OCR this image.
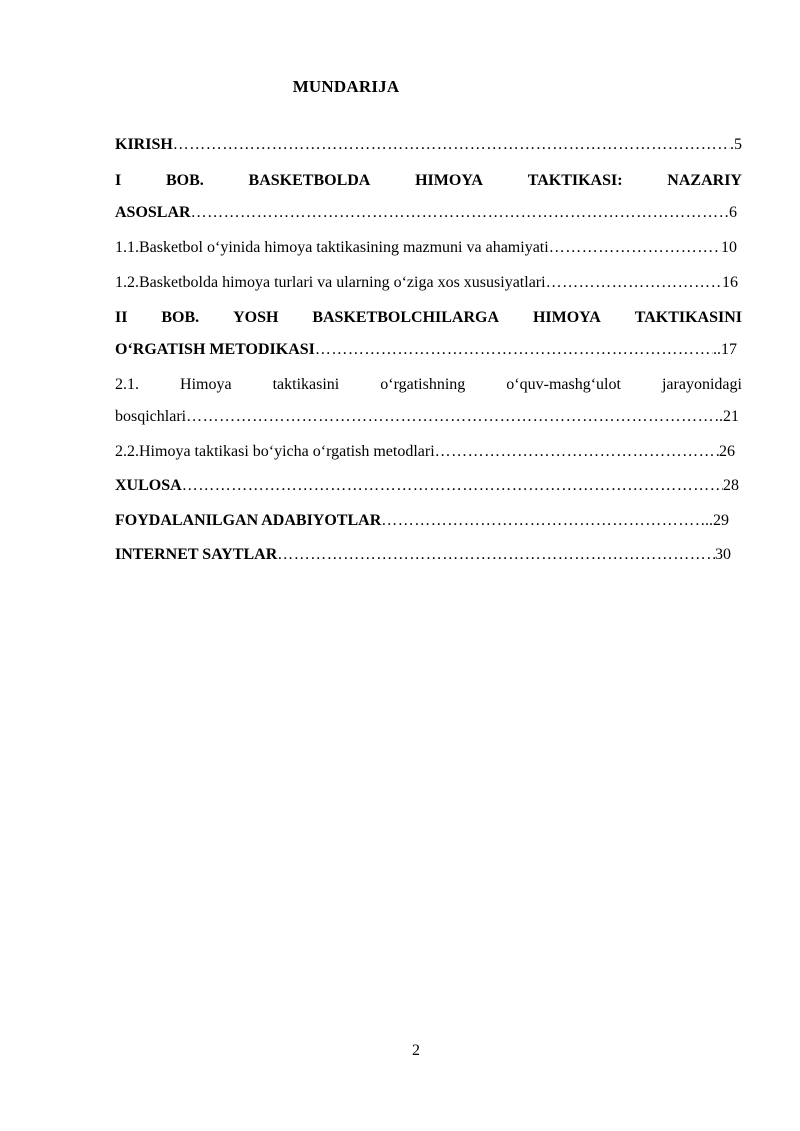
MUNDARIJA
KIRISH ………………………………………………………………………………………………………………………………………………	.5
I	BOB.	BASKETBOLDA	HIMOYA	TAKTIKASI:	NAZARIY
ASOSLAR ………………………………………………………………………………………………………………………………………………	6
1.1.Basketbol o‘yinida himoya taktikasining mazmuni va ahamiyati ………………………………………………………………………………………………………………………………………………	10
1.2.Basketbolda himoya turlari va ularning o‘ziga xos xususiyatlari ………………………………………………………………………………………………………………………………………………	16
II BOB. YOSH BASKETBOLCHILARGA HIMOYA TAKTIKASINI
O‘RGATISH METODIKASI ………………………………………………………………………………………………………………………………………………	..17
2.1.	Himoya	taktikasini	o‘rgatishning	o‘quv-mashg‘ulot	jarayonidagi
bosqichlari ………………………………………………………………………………………………………………………………………………	.21
2.2.Himoya taktikasi bo‘yicha o‘rgatish metodlari ………………………………………………………………………………………………………………………………………………	26
XULOSA ………………………………………………………………………………………………………………………………………………	28
FOYDALANILGAN ADABIYOTLAR ………………………………………………………………………………………………………………………………………………	..29
INTERNET SAYTLAR ………………………………………………………………………………………………………………………………………………	30
2
